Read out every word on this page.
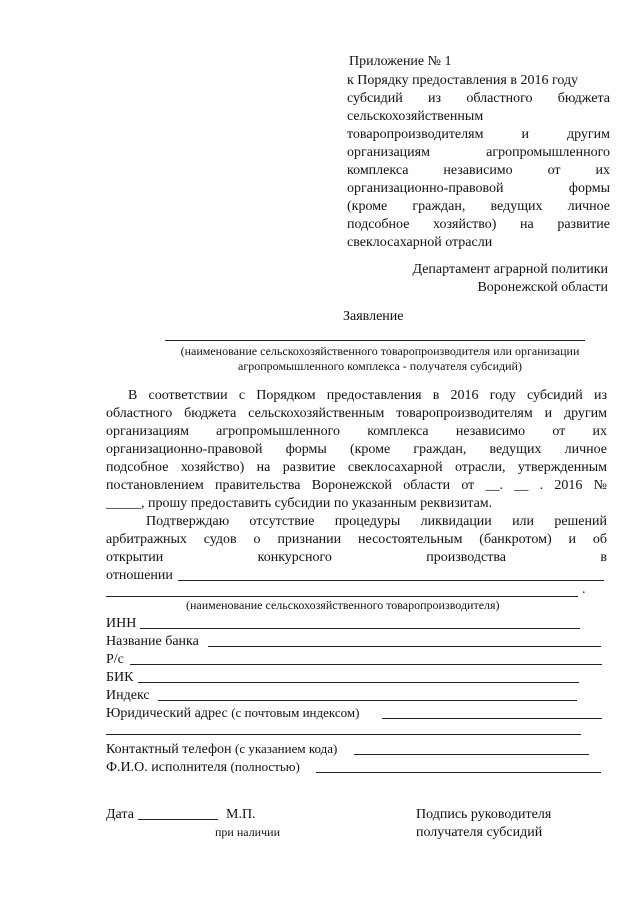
Приложение № 1
к Порядку предоставления в 2016 году
субсидий из областного бюджета
сельскохозяйственным
товаропроизводителям и другим
организациям агропромышленного
комплекса независимо от их
организационно-правовой формы
(кроме граждан, ведущих личное
подсобное хозяйство) на развитие
свеклосахарной отрасли
Департамент аграрной политики
Воронежской области
Заявление
(наименование сельскохозяйственного товаропроизводителя или организации
агропромышленного комплекса - получателя субсидий)
В соответствии с Порядком предоставления в 2016 году субсидий из
областного бюджета сельскохозяйственным товаропроизводителям и другим
организациям агропромышленного комплекса независимо от их
организационно-правовой формы (кроме граждан, ведущих личное
подсобное хозяйство) на развитие свеклосахарной отрасли, утвержденным
постановлением правительства Воронежской области от __. __ . 2016 №
_____, прошу предоставить субсидии по указанным реквизитам.
Подтверждаю отсутствие процедуры ликвидации или решений
арбитражных судов о признании несостоятельным (банкротом) и об
открытии конкурсного производства в
отношении
.
(наименование сельскохозяйственного товаропроизводителя)
ИНН
Название банка
Р/с
БИК
Индекс
Юридический адрес (с почтовым индексом)
Контактный телефон (с указанием кода)
Ф.И.О. исполнителя (полностью)
Дата	М.П.
при наличии
Подпись руководителя
получателя субсидий
